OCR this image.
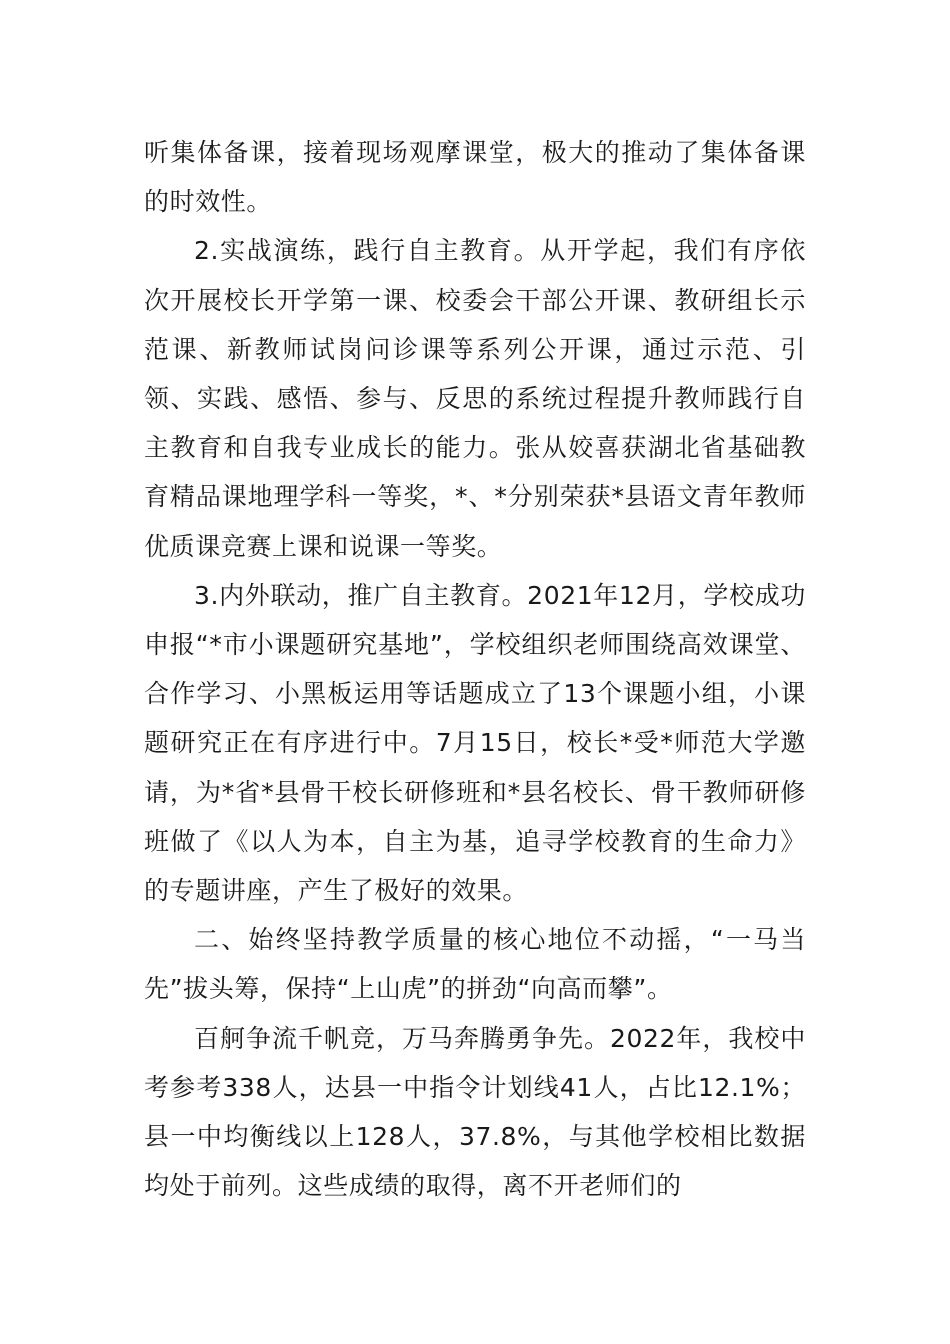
听集体备课，接着现场观摩课堂，极大的推动了集体备课的时效性。

2.实战演练，践行自主教育。从开学起，我们有序依次开展校长开学第一课、校委会干部公开课、教研组长示范课、新教师试岗问诊课等系列公开课，通过示范、引领、实践、感悟、参与、反思的系统过程提升教师践行自主教育和自我专业成长的能力。张从姣喜获湖北省基础教育精品课地理学科一等奖，*、*分别荣获*县语文青年教师优质课竞赛上课和说课一等奖。

3.内外联动，推广自主教育。2021年12月，学校成功申报“*市小课题研究基地”，学校组织老师围绕高效课堂、合作学习、小黑板运用等话题成立了13个课题小组，小课题研究正在有序进行中。7月15日，校长*受*师范大学邀请，为*省*县骨干校长研修班和*县名校长、骨干教师研修班做了《以人为本，自主为基，追寻学校教育的生命力》的专题讲座，产生了极好的效果。

二、始终坚持教学质量的核心地位不动摇，“一马当先”拔头筹，保持“上山虎”的拼劲“向高而攀”。

百舸争流千帆竞，万马奔腾勇争先。2022年，我校中考参考338人，达县一中指令计划线41人，占比12.1%；县一中均衡线以上128人，37.8%，与其他学校相比数据均处于前列。这些成绩的取得，离不开老师们的
